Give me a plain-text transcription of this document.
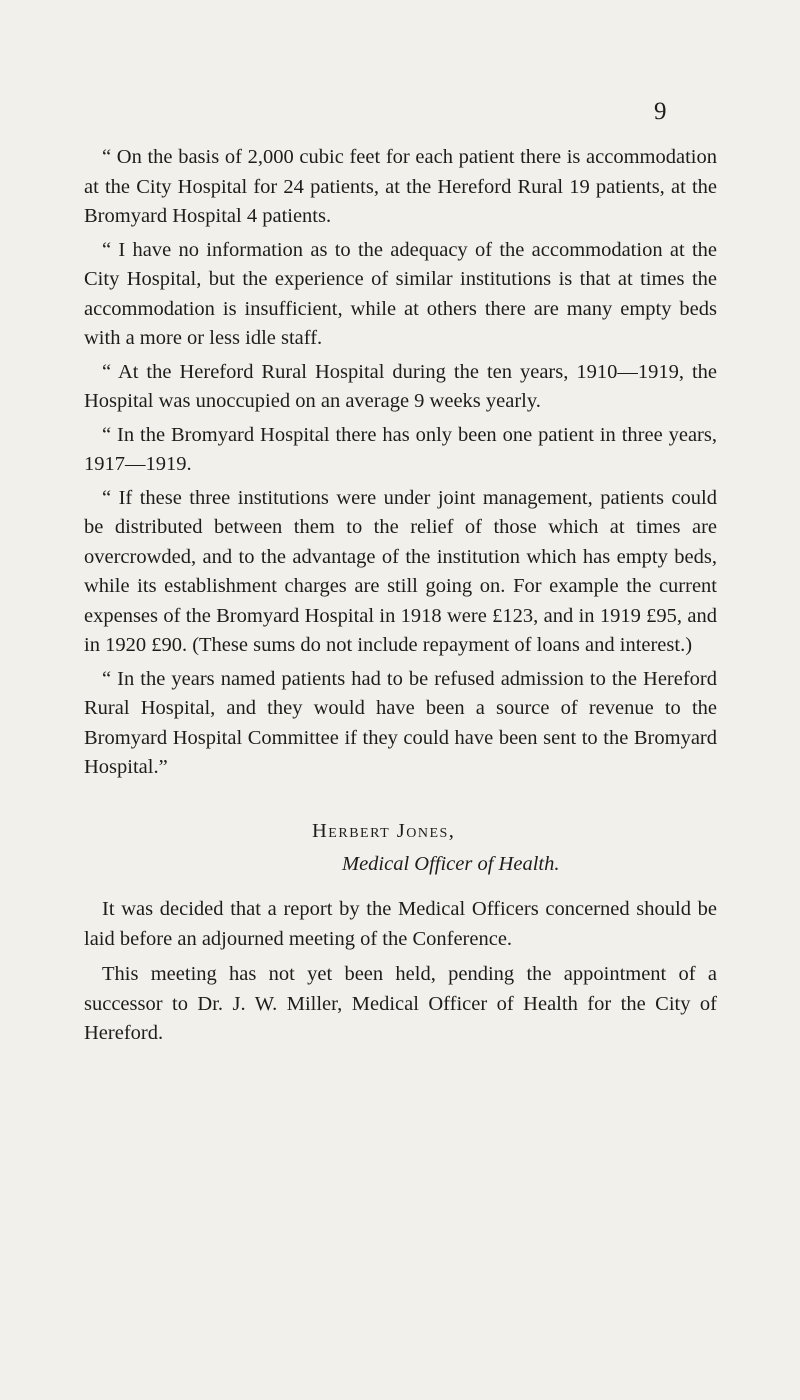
9

“ On the basis of 2,000 cubic feet for each patient there is accommodation at the City Hospital for 24 patients, at the Hereford Rural 19 patients, at the Bromyard Hospital 4 patients.

“ I have no information as to the adequacy of the accommodation at the City Hospital, but the experience of similar institutions is that at times the accommodation is insufficient, while at others there are many empty beds with a more or less idle staff.

“ At the Hereford Rural Hospital during the ten years, 1910—1919, the Hospital was unoccupied on an average 9 weeks yearly.

“ In the Bromyard Hospital there has only been one patient in three years, 1917—1919.

“ If these three institutions were under joint management, patients could be distributed between them to the relief of those which at times are overcrowded, and to the advantage of the institution which has empty beds, while its establishment charges are still going on. For example the current expenses of the Bromyard Hospital in 1918 were £123, and in 1919 £95, and in 1920 £90. (These sums do not include repayment of loans and interest.)

“ In the years named patients had to be refused admission to the Hereford Rural Hospital, and they would have been a source of revenue to the Bromyard Hospital Committee if they could have been sent to the Bromyard Hospital.”

Herbert Jones,
Medical Officer of Health.

It was decided that a report by the Medical Officers concerned should be laid before an adjourned meeting of the Conference.

This meeting has not yet been held, pending the appointment of a successor to Dr. J. W. Miller, Medical Officer of Health for the City of Hereford.
